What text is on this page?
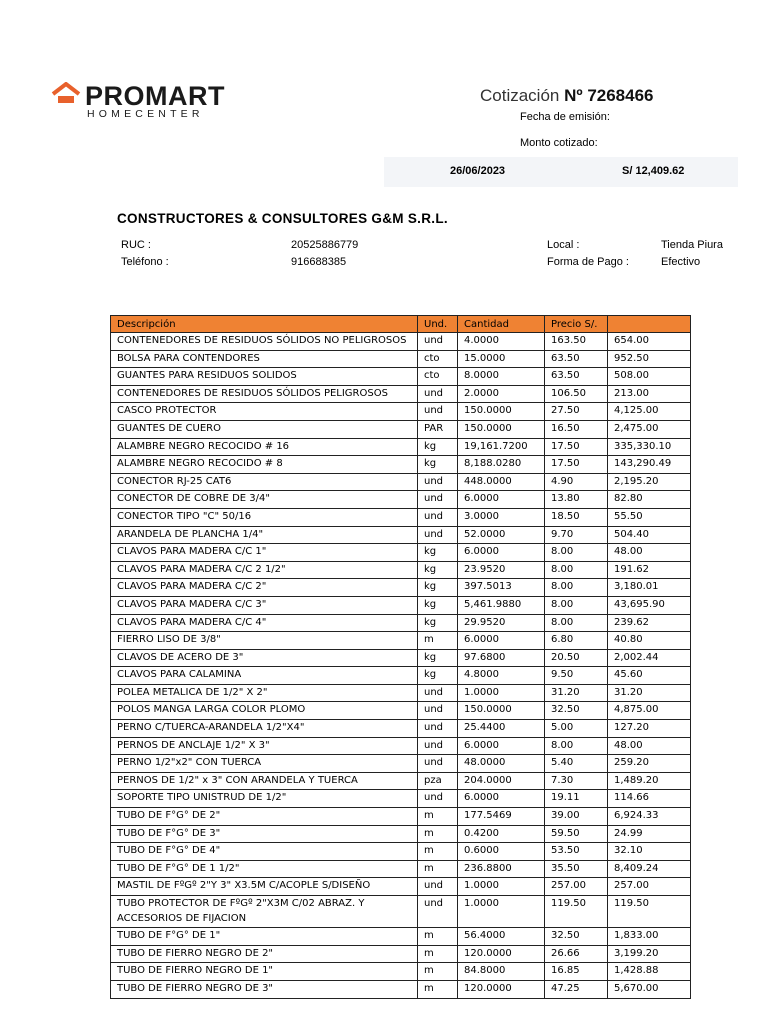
PROMART
HOMECENTER
Cotización Nº 7268466
Fecha de emisión:
Monto cotizado:
26/06/2023	S/ 12,409.62
CONSTRUCTORES & CONSULTORES G&M S.R.L.
RUC :	20525886779
Teléfono :	916688385
Local :	Tienda Piura
Forma de Pago :	Efectivo
Descripción	Und.	Cantidad	Precio S/.	
CONTENEDORES DE RESIDUOS SÓLIDOS NO PELIGROSOS	und	4.0000	163.50	654.00
BOLSA PARA CONTENDORES	cto	15.0000	63.50	952.50
GUANTES PARA RESIDUOS SOLIDOS	cto	8.0000	63.50	508.00
CONTENEDORES DE RESIDUOS SÓLIDOS PELIGROSOS	und	2.0000	106.50	213.00
CASCO PROTECTOR	und	150.0000	27.50	4,125.00
GUANTES DE CUERO	PAR	150.0000	16.50	2,475.00
ALAMBRE NEGRO RECOCIDO # 16	kg	19,161.7200	17.50	335,330.10
ALAMBRE NEGRO RECOCIDO # 8	kg	8,188.0280	17.50	143,290.49
CONECTOR RJ-25 CAT6	und	448.0000	4.90	2,195.20
CONECTOR DE COBRE DE 3/4"	und	6.0000	13.80	82.80
CONECTOR TIPO "C" 50/16	und	3.0000	18.50	55.50
ARANDELA DE PLANCHA 1/4"	und	52.0000	9.70	504.40
CLAVOS PARA MADERA C/C 1"	kg	6.0000	8.00	48.00
CLAVOS PARA MADERA C/C 2 1/2"	kg	23.9520	8.00	191.62
CLAVOS PARA MADERA C/C 2"	kg	397.5013	8.00	3,180.01
CLAVOS PARA MADERA C/C 3"	kg	5,461.9880	8.00	43,695.90
CLAVOS PARA MADERA C/C 4"	kg	29.9520	8.00	239.62
FIERRO LISO DE 3/8"	m	6.0000	6.80	40.80
CLAVOS DE ACERO DE 3"	kg	97.6800	20.50	2,002.44
CLAVOS PARA CALAMINA	kg	4.8000	9.50	45.60
POLEA METALICA DE 1/2" X 2"	und	1.0000	31.20	31.20
POLOS MANGA LARGA COLOR PLOMO	und	150.0000	32.50	4,875.00
PERNO C/TUERCA-ARANDELA 1/2"X4"	und	25.4400	5.00	127.20
PERNOS DE ANCLAJE 1/2" X 3"	und	6.0000	8.00	48.00
PERNO 1/2"x2" CON TUERCA	und	48.0000	5.40	259.20
PERNOS DE 1/2" x 3" CON ARANDELA Y TUERCA	pza	204.0000	7.30	1,489.20
SOPORTE TIPO UNISTRUD DE 1/2"	und	6.0000	19.11	114.66
TUBO DE F°G° DE 2"	m	177.5469	39.00	6,924.33
TUBO DE F°G° DE 3"	m	0.4200	59.50	24.99
TUBO DE F°G° DE 4"	m	0.6000	53.50	32.10
TUBO DE F°G° DE 1 1/2"	m	236.8800	35.50	8,409.24
MASTIL DE FºGº 2"Y 3" X3.5M C/ACOPLE S/DISEÑO	und	1.0000	257.00	257.00
TUBO PROTECTOR DE FºGº 2"X3M C/02 ABRAZ. Y ACCESORIOS DE FIJACION	und	1.0000	119.50	119.50
TUBO DE F°G° DE 1"	m	56.4000	32.50	1,833.00
TUBO DE FIERRO NEGRO DE 2"	m	120.0000	26.66	3,199.20
TUBO DE FIERRO NEGRO DE 1"	m	84.8000	16.85	1,428.88
TUBO DE FIERRO NEGRO DE 3"	m	120.0000	47.25	5,670.00
